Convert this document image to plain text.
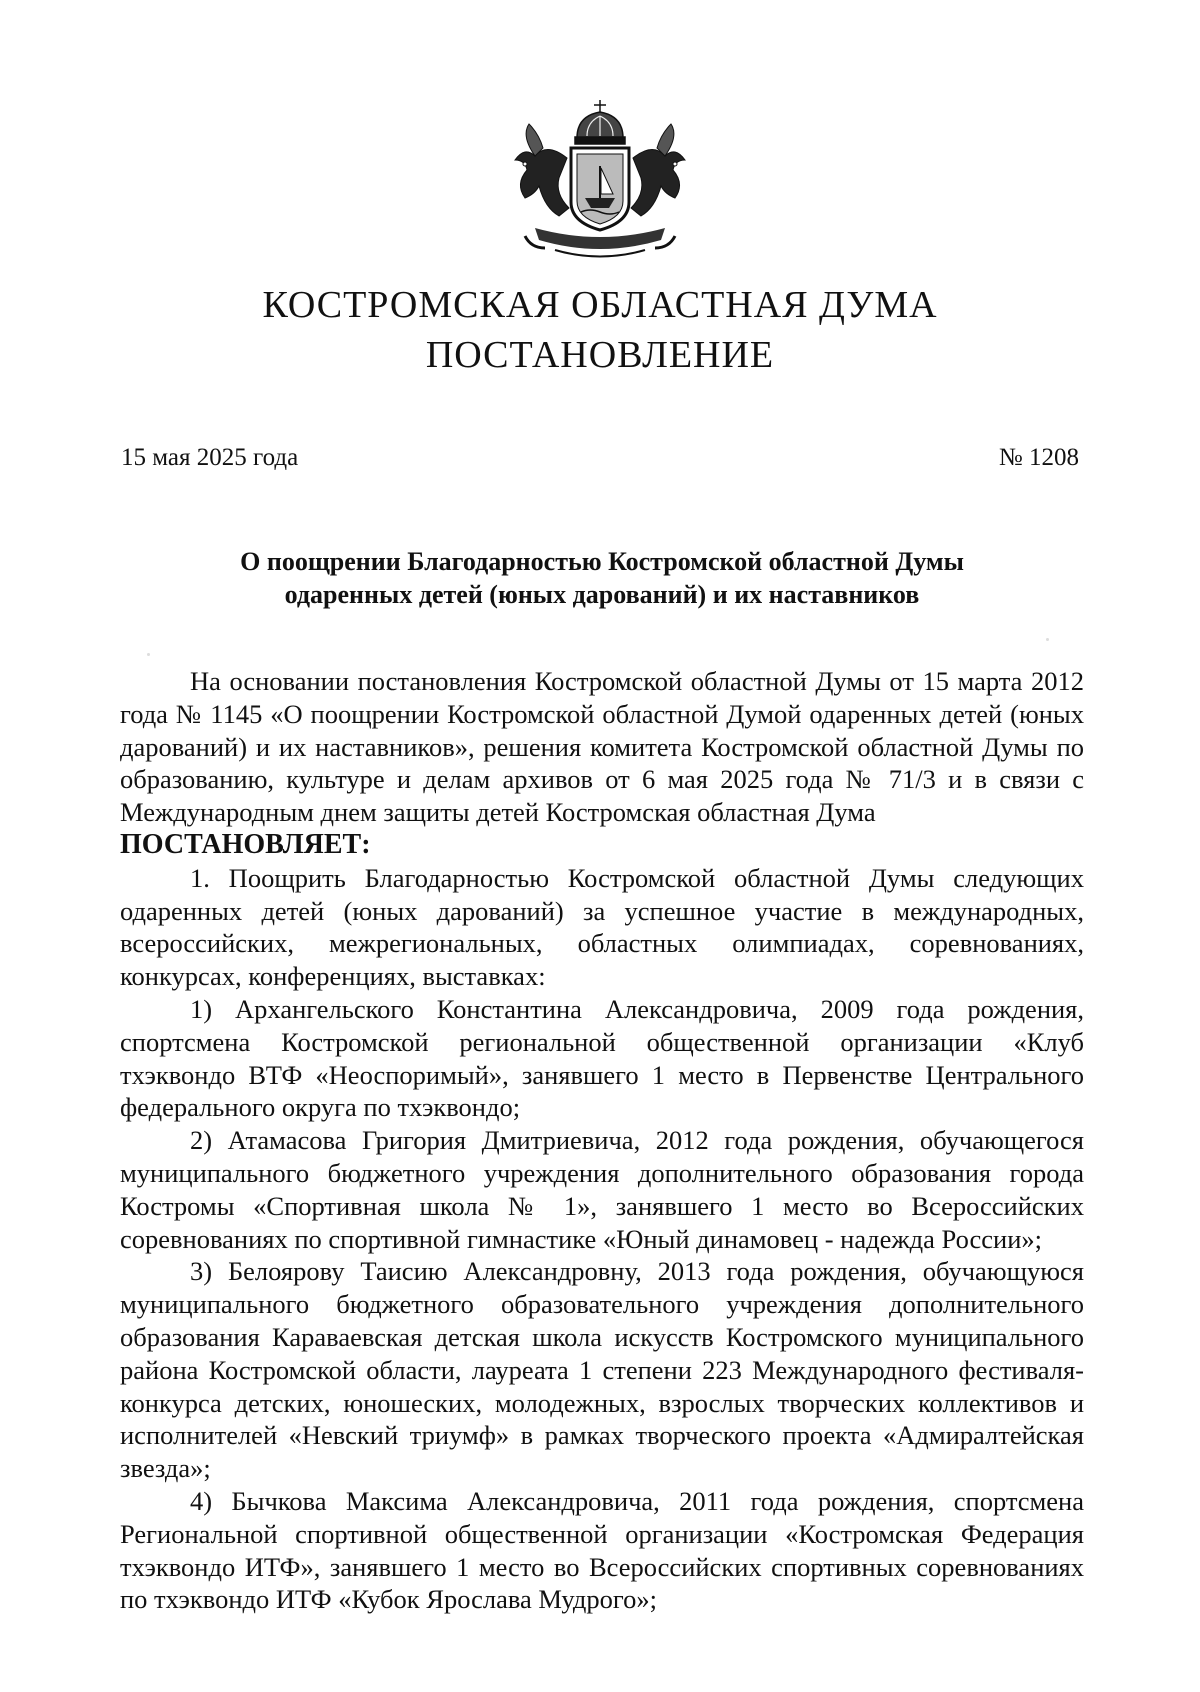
КОСТРОМСКАЯ ОБЛАСТНАЯ ДУМА
ПОСТАНОВЛЕНИЕ
15 мая 2025 года	№ 1208
О поощрении Благодарностью Костромской областной Думы
одаренных детей (юных дарований) и их наставников

На основании постановления Костромской областной Думы от 15 марта 2012 года № 1145 «О поощрении Костромской областной Думой одаренных детей (юных дарований) и их наставников», решения комитета Костромской областной Думы по образованию, культуре и делам архивов от 6 мая 2025 года № 71/3 и в связи с Международным днем защиты детей Костромская областная Дума

ПОСТАНОВЛЯЕТ:

1. Поощрить Благодарностью Костромской областной Думы следующих одаренных детей (юных дарований) за успешное участие в международных, всероссийских, межрегиональных, областных олимпиадах, соревнованиях, конкурсах, конференциях, выставках:

1) Архангельского Константина Александровича, 2009 года рождения, спортсмена Костромской региональной общественной организации «Клуб тхэквондо ВТФ «Неоспоримый», занявшего 1 место в Первенстве Центрального федерального округа по тхэквондо;

2) Атамасова Григория Дмитриевича, 2012 года рождения, обучающегося муниципального бюджетного учреждения дополнительного образования города Костромы «Спортивная школа № 1», занявшего 1 место во Всероссийских соревнованиях по спортивной гимнастике «Юный динамовец - надежда России»;

3) Белоярову Таисию Александровну, 2013 года рождения, обучающуюся муниципального бюджетного образовательного учреждения дополнительного образования Караваевская детская школа искусств Костромского муниципального района Костромской области, лауреата 1 степени 223 Международного фестиваля-конкурса детских, юношеских, молодежных, взрослых творческих коллективов и исполнителей «Невский триумф» в рамках творческого проекта «Адмиралтейская звезда»;

4) Бычкова Максима Александровича, 2011 года рождения, спортсмена Региональной спортивной общественной организации «Костромская Федерация тхэквондо ИТФ», занявшего 1 место во Всероссийских спортивных соревнованиях по тхэквондо ИТФ «Кубок Ярослава Мудрого»;
